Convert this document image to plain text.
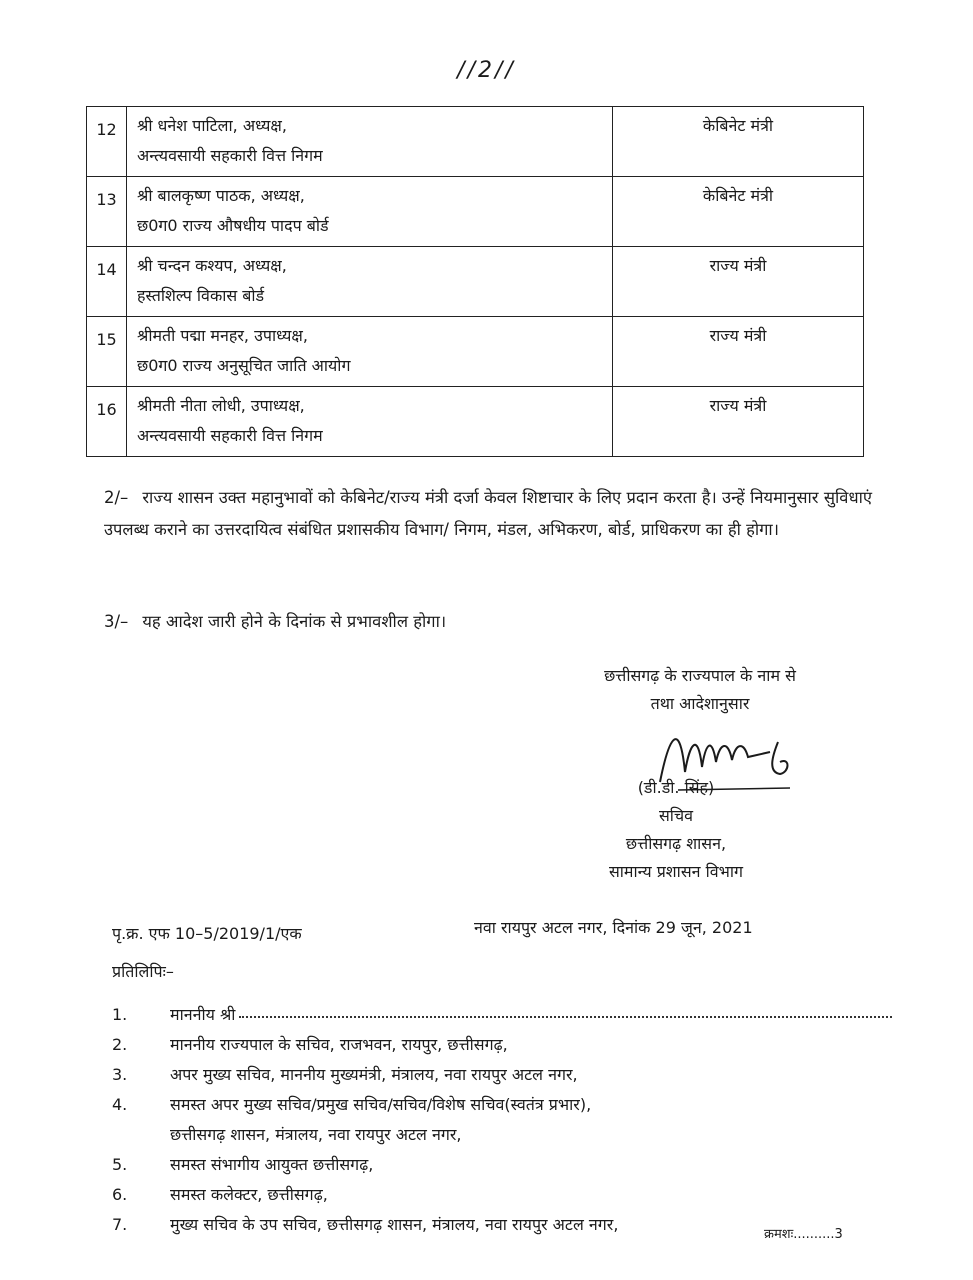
//2//
12	श्री धनेश पाटिला, अध्यक्ष,
अन्त्यवसायी सहकारी वित्त निगम	केबिनेट मंत्री
13	श्री बालकृष्ण पाठक, अध्यक्ष,
छ0ग0 राज्य औषधीय पादप बोर्ड	केबिनेट मंत्री
14	श्री चन्दन कश्यप, अध्यक्ष,
हस्तशिल्प विकास बोर्ड	राज्य मंत्री
15	श्रीमती पद्मा मनहर, उपाध्यक्ष,
छ0ग0 राज्य अनुसूचित जाति आयोग	राज्य मंत्री
16	श्रीमती नीता लोधी, उपाध्यक्ष,
अन्त्यवसायी सहकारी वित्त निगम	राज्य मंत्री
2/– राज्य शासन उक्त महानुभावों को केबिनेट/राज्य मंत्री दर्जा केवल शिष्टाचार के लिए प्रदान करता है। उन्हें नियमानुसार सुविधाएं उपलब्ध कराने का उत्तरदायित्व संबंधित प्रशासकीय विभाग/ निगम, मंडल, अभिकरण, बोर्ड, प्राधिकरण का ही होगा।
3/– यह आदेश जारी होने के दिनांक से प्रभावशील होगा।
छत्तीसगढ़ के राज्यपाल के नाम से
तथा आदेशानुसार
(डी.डी. सिंह)
सचिव
छत्तीसगढ़ शासन,
सामान्य प्रशासन विभाग
पृ.क्र. एफ 10–5/2019/1/एक	नवा रायपुर अटल नगर, दिनांक 29 जून, 2021
प्रतिलिपिः–
1.	माननीय श्री
2.	माननीय राज्यपाल के सचिव, राजभवन, रायपुर, छत्तीसगढ़,
3.	अपर मुख्य सचिव, माननीय मुख्यमंत्री, मंत्रालय, नवा रायपुर अटल नगर,
4.	समस्त अपर मुख्य सचिव/प्रमुख सचिव/सचिव/विशेष सचिव(स्वतंत्र प्रभार),
छत्तीसगढ़ शासन, मंत्रालय, नवा रायपुर अटल नगर,
5.	समस्त संभागीय आयुक्त छत्तीसगढ़,
6.	समस्त कलेक्टर, छत्तीसगढ़,
7.	मुख्य सचिव के उप सचिव, छत्तीसगढ़ शासन, मंत्रालय, नवा रायपुर अटल नगर,
क्रमशः..........3
